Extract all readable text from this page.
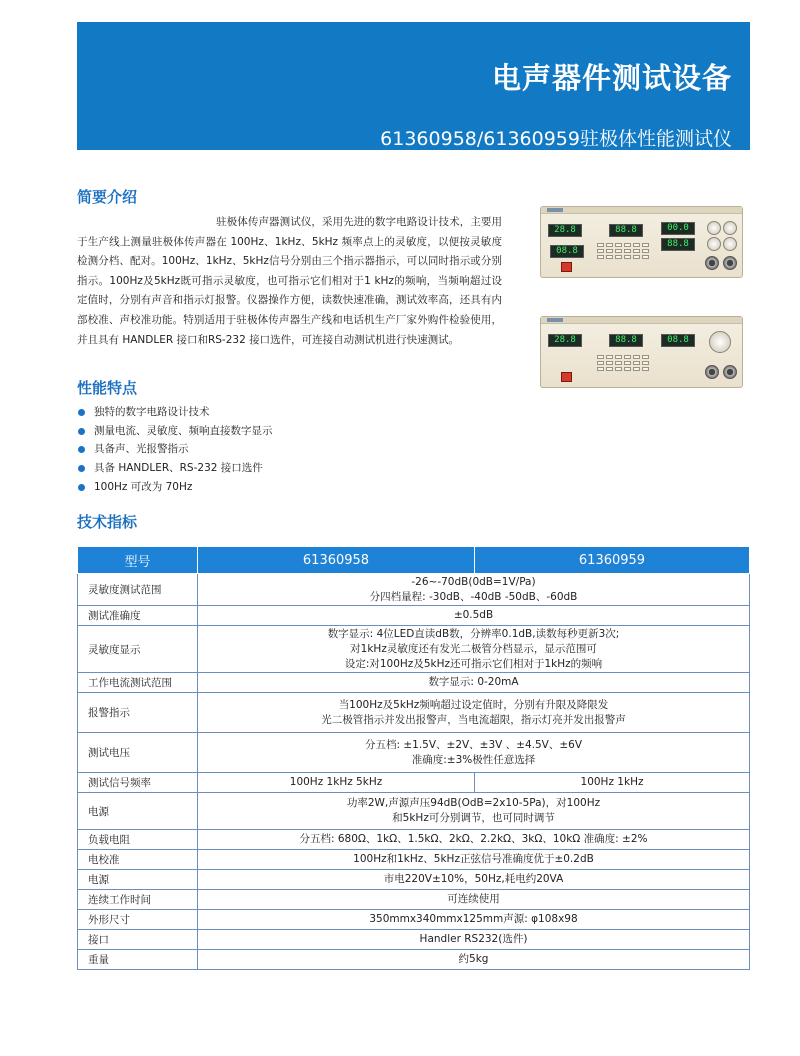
电声器件测试设备
61360958/61360959驻极体性能测试仪
简要介绍
驻极体传声器测试仪，采用先进的数字电路设计技术，主要用于生产线上测量驻极体传声器在 100Hz、1kHz、5kHz 频率点上的灵敏度，以便按灵敏度检测分档、配对。100Hz、1kHz、5kHz信号分别由三个指示器指示，可以同时指示或分别指示。100Hz及5kHz既可指示灵敏度，也可指示它们相对于1 kHz的频响，当频响超过设定值时，分别有声音和指示灯报警。仪器操作方便，读数快速准确，测试效率高，还具有内部校准、声校准功能。特别适用于驻极体传声器生产线和电话机生产厂家外购件检验使用，并且具有 HANDLER 接口和RS-232 接口选件，可连接自动测试机进行快速测试。
28.8	88.8	00.0
88.8
08.8
28.8	88.8	08.8
性能特点
独特的数字电路设计技术
测量电流、灵敏度、频响直接数字显示
具备声、光报警指示
具备 HANDLER、RS-232 接口选件
100Hz 可改为 70Hz
技术指标
型号	61360958	61360959
灵敏度测试范围	-26~-70dB(0dB=1V/Pa)
分四档量程: -30dB、-40dB -50dB、-60dB	

测试准确度	±0.5dB	

灵敏度显示	数字显示: 4位LED直读dB数，分辨率0.1dB,读数每秒更新3次;
对1kHz灵敏度还有发光二极管分档显示，显示范围可
设定:对100Hz及5kHz还可指示它们相对于1kHz的频响	

工作电流测试范围	数字显示: 0-20mA	

报警指示	当100Hz及5kHz频响超过设定值时，分别有升限及降限发
光二极管指示并发出报警声，当电流超限，指示灯亮并发出报警声	

测试电压	分五档: ±1.5V、±2V、±3V 、±4.5V、±6V
准确度:±3%极性任意选择	

测试信号频率	100Hz 1kHz 5kHz	100Hz 1kHz
电源	功率2W,声源声压94dB(OdB=2x10-5Pa)，对100Hz
和5kHz可分别调节，也可同时调节	

负载电阻	分五档: 680Ω、1kΩ、1.5kΩ、2kΩ、2.2kΩ、3kΩ、10kΩ 准确度: ±2%	

电校准	100Hz和1kHz、5kHz正弦信号准确度优于±0.2dB	

电源	市电220V±10%，50Hz,耗电约20VA	

连续工作时间	可连续使用	

外形尺寸	350mmx340mmx125mm声源: φ108x98	

接口	Handler RS232(选件)	

重量	约5kg	
